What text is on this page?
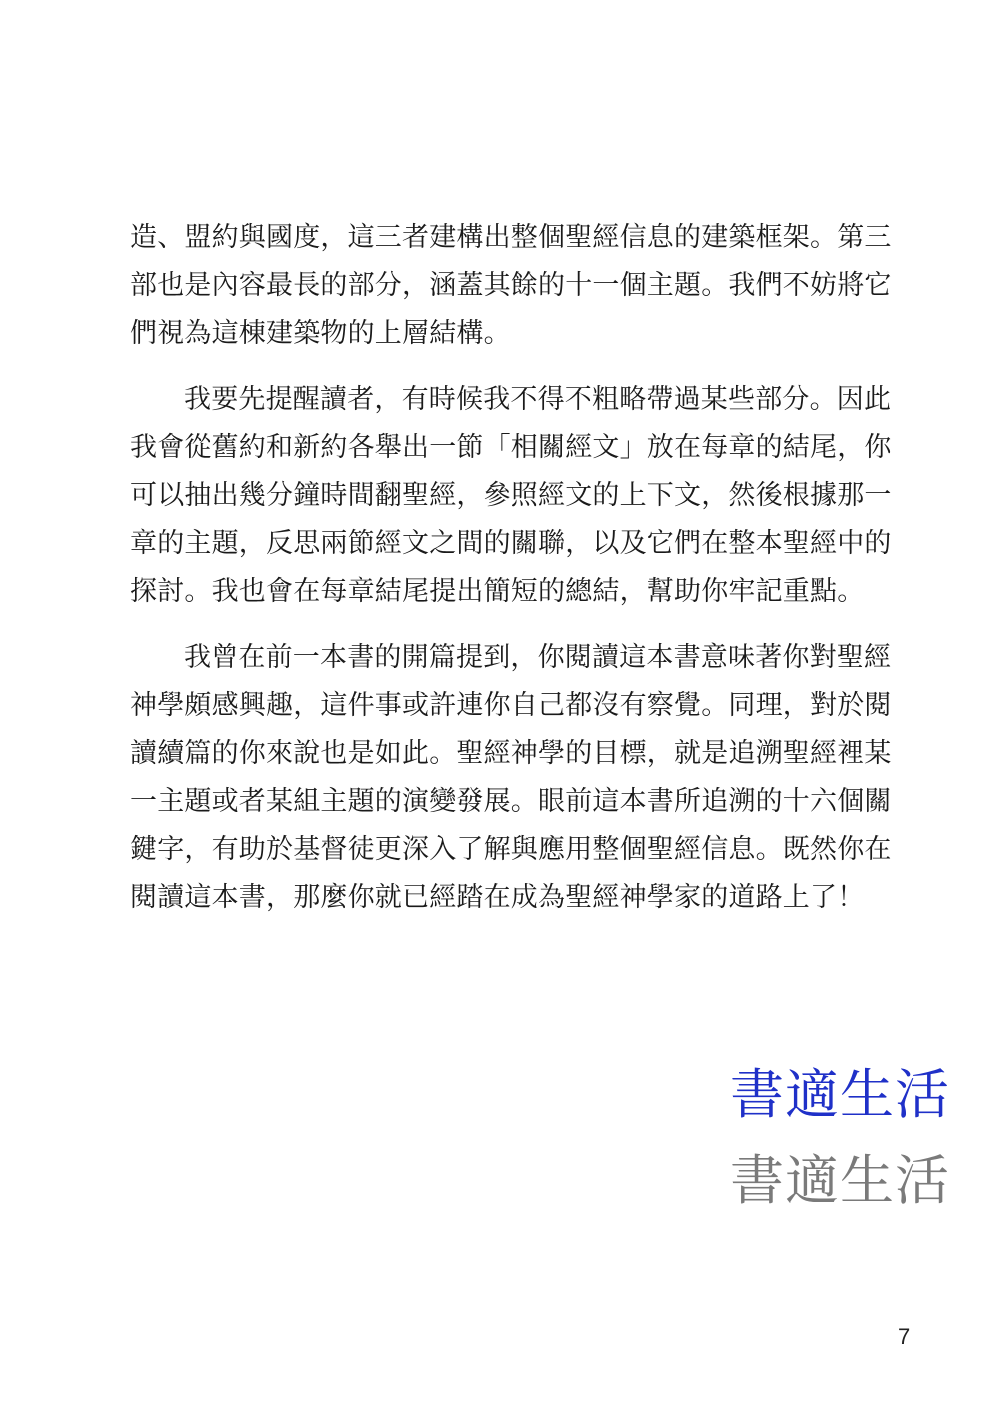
造、盟約與國度，這三者建構出整個聖經信息的建築框架。第三
部也是內容最長的部分，涵蓋其餘的十一個主題。我們不妨將它
們視為這棟建築物的上層結構。

我要先提醒讀者，有時候我不得不粗略帶過某些部分。因此
我會從舊約和新約各舉出一節「相關經文」放在每章的結尾，你
可以抽出幾分鐘時間翻聖經，參照經文的上下文，然後根據那一
章的主題，反思兩節經文之間的關聯，以及它們在整本聖經中的
探討。我也會在每章結尾提出簡短的總結，幫助你牢記重點。

我曾在前一本書的開篇提到，你閱讀這本書意味著你對聖經
神學頗感興趣，這件事或許連你自己都沒有察覺。同理，對於閱
讀續篇的你來說也是如此。聖經神學的目標，就是追溯聖經裡某
一主題或者某組主題的演變發展。眼前這本書所追溯的十六個關
鍵字，有助於基督徒更深入了解與應用整個聖經信息。既然你在
閱讀這本書，那麼你就已經踏在成為聖經神學家的道路上了！

書適生活
書適生活
7
